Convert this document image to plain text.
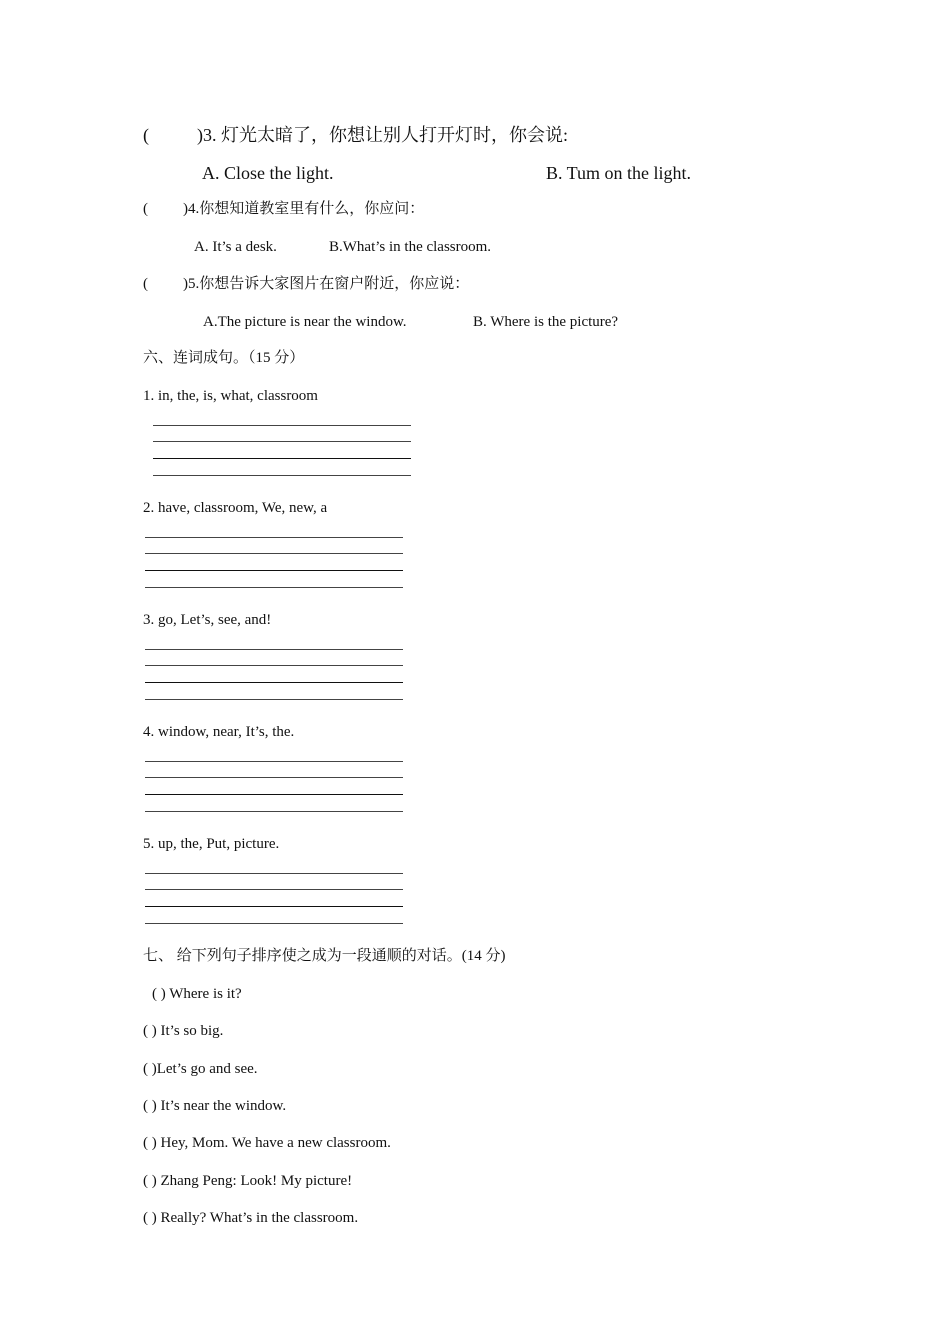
(	)3. 灯光太暗了，你想让别人打开灯时，你会说:
A. Close the light.	B. Tum on the light.
( )4.你想知道教室里有什么，你应问：
A. It’s a desk.	B.What’s in the classroom.
( )5.你想告诉大家图片在窗户附近，你应说：
A.The picture is near the window.	B. Where is the picture?
六、连词成句。（15 分）
1. in, the, is, what, classroom
2. have, classroom, We, new, a
3. go, Let’s, see, and!
4. window, near, It’s, the.
5. up, the, Put, picture.
七、 给下列句子排序使之成为一段通顺的对话。(14 分)
( ) Where is it?
( ) It’s so big.
( )Let’s go and see.
( ) It’s near the window.
( ) Hey, Mom. We have a new classroom.
( ) Zhang Peng: Look! My picture!
( ) Really? What’s in the classroom.
